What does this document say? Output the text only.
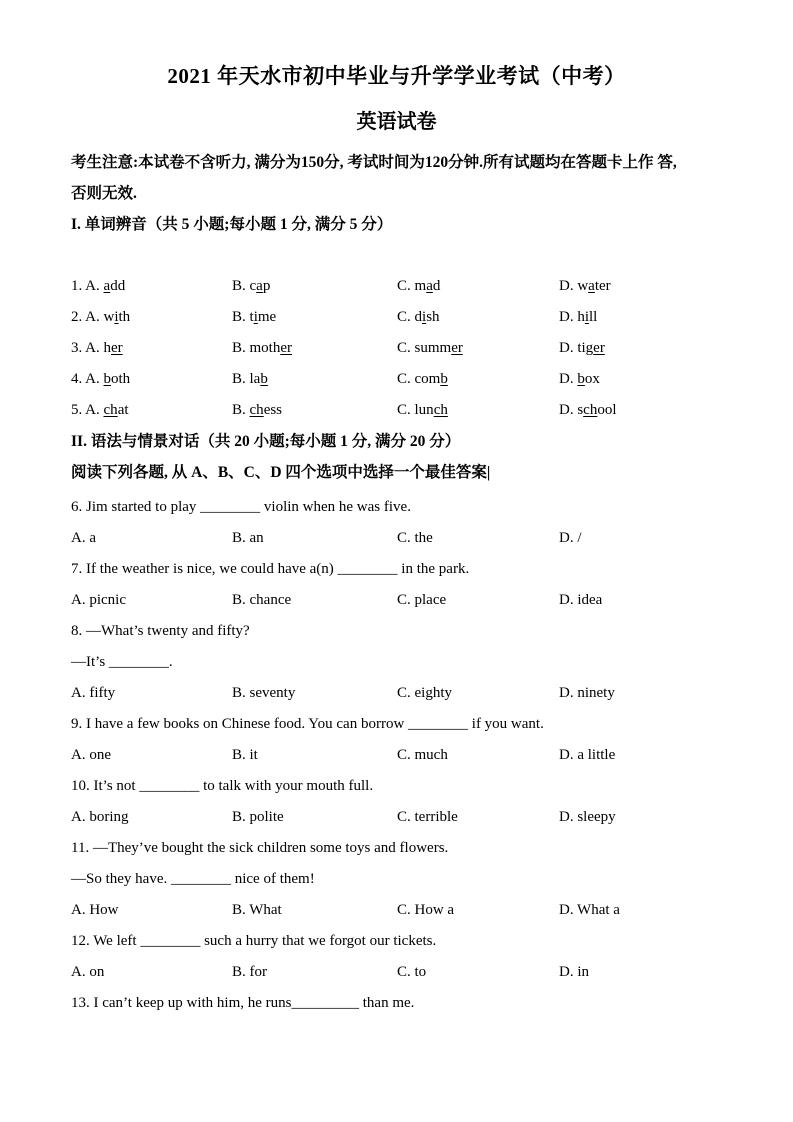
2021 年天水市初中毕业与升学学业考试（中考）
英语试卷
考生注意:本试卷不含听力, 满分为150分, 考试时间为120分钟.所有试题均在答题卡上作 答,
否则无效.
I. 单词辨音（共 5 小题;每小题 1 分, 满分 5 分）
1. A. add	B. cap	C. mad	D. water
2. A. with	B. time	C. dish	D. hill
3. A. her	B. mother	C. summer	D. tiger
4. A. both	B. lab	C. comb	D. box
5. A. chat	B. chess	C. lunch	D. school
II. 语法与情景对话（共 20 小题;每小题 1 分, 满分 20 分）
阅读下列各题, 从 A、B、C、D 四个选项中选择一个最佳答案|
6. Jim started to play ________ violin when he was five.
A. a	B. an	C. the	D. /
7. If the weather is nice, we could have a(n) ________ in the park.
A. picnic	B. chance	C. place	D. idea
8. —What’s twenty and fifty?
—It’s ________.
A. fifty	B. seventy	C. eighty	D. ninety
9. I have a few books on Chinese food. You can borrow ________ if you want.
A. one	B. it	C. much	D. a little
10. It’s not ________ to talk with your mouth full.
A. boring	B. polite	C. terrible	D. sleepy
11. —They’ve bought the sick children some toys and flowers.
—So they have. ________ nice of them!
A. How	B. What	C. How a	D. What a
12. We left ________ such a hurry that we forgot our tickets.
A. on	B. for	C. to	D. in
13. I can’t keep up with him, he runs_________ than me.
